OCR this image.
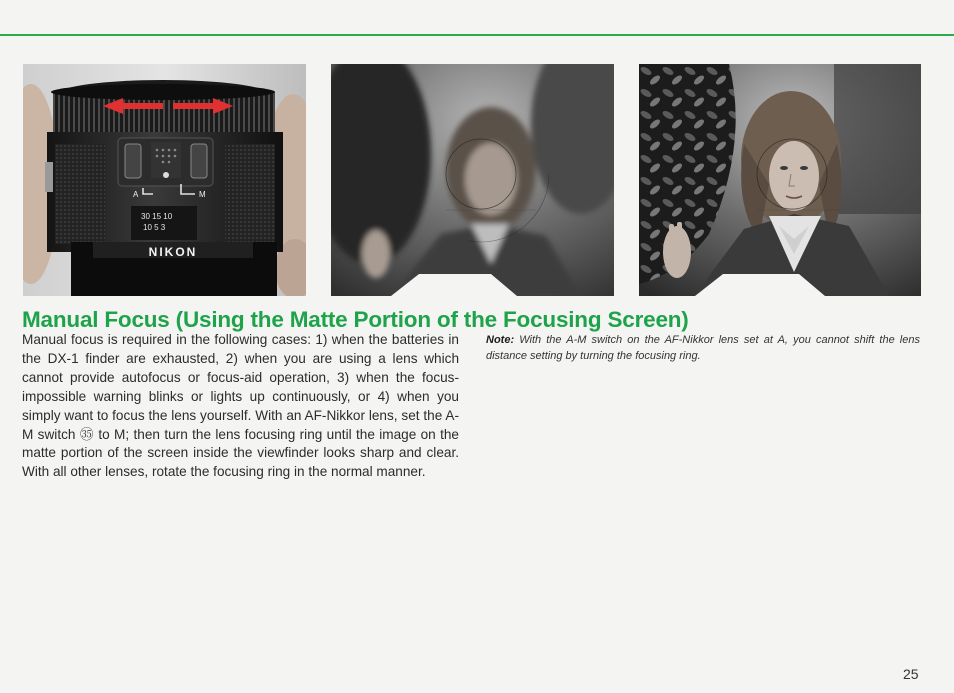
A	M
30 15 10
10 5 3
NIKON
Manual Focus (Using the Matte Portion of the Focusing Screen)

Manual focus is required in the following cases: 1) when the batteries in the DX-1 finder are exhausted, 2) when you are using a lens which cannot provide autofocus or focus-aid operation, 3) when the focus-impossible warning blinks or lights up continuously, or 4) when you simply want to focus the lens yourself. With an AF-Nikkor lens, set the A-M switch ㉟ to M; then turn the lens focusing ring until the image on the matte portion of the screen inside the viewfinder looks sharp and clear. With all other lenses, rotate the focusing ring in the normal manner.

Note: With the A-M switch on the AF-Nikkor lens set at A, you cannot shift the lens distance setting by turning the focusing ring.

25
